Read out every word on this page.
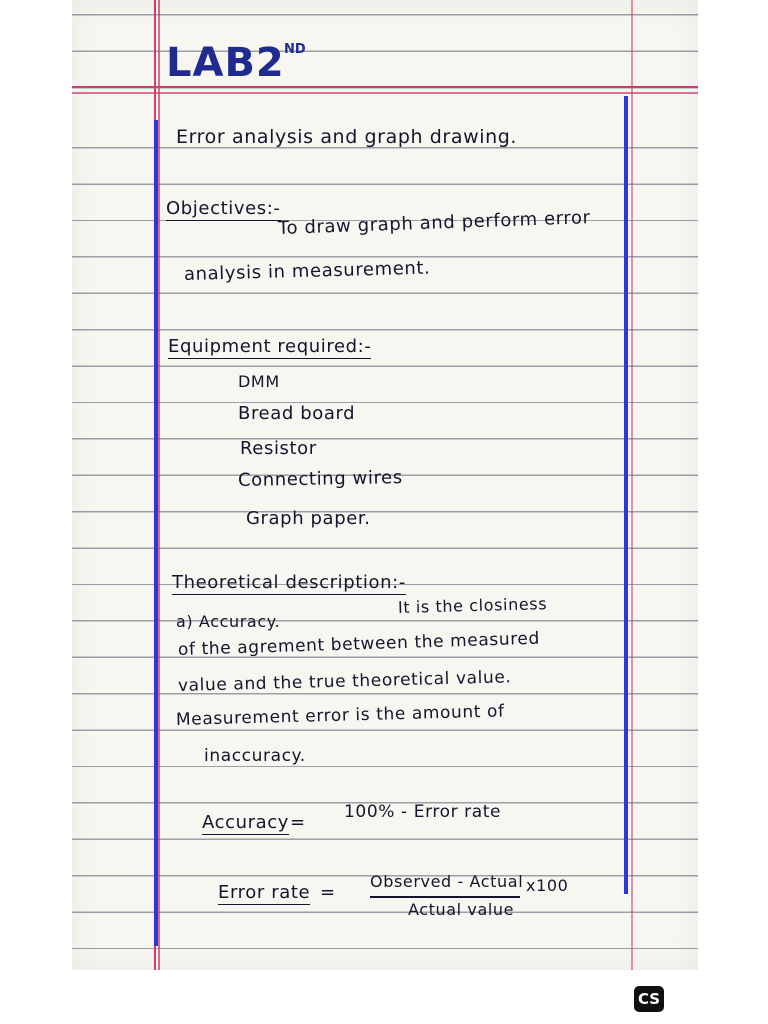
LAB2 ND
Error analysis and graph drawing.
Objectives:-
To draw graph and perform error
analysis in measurement.
Equipment required:-
DMM
Bread board
Resistor
Connecting wires
Graph paper.
Theoretical description:-
a) Accuracy.
It is the closiness
of the agrement between the measured
value and the true theoretical value.
Measurement error is the amount of
inaccuracy.
Accuracy = 100% - Error rate
Error rate =
Observed - Actual
Actual value
x100
CS
